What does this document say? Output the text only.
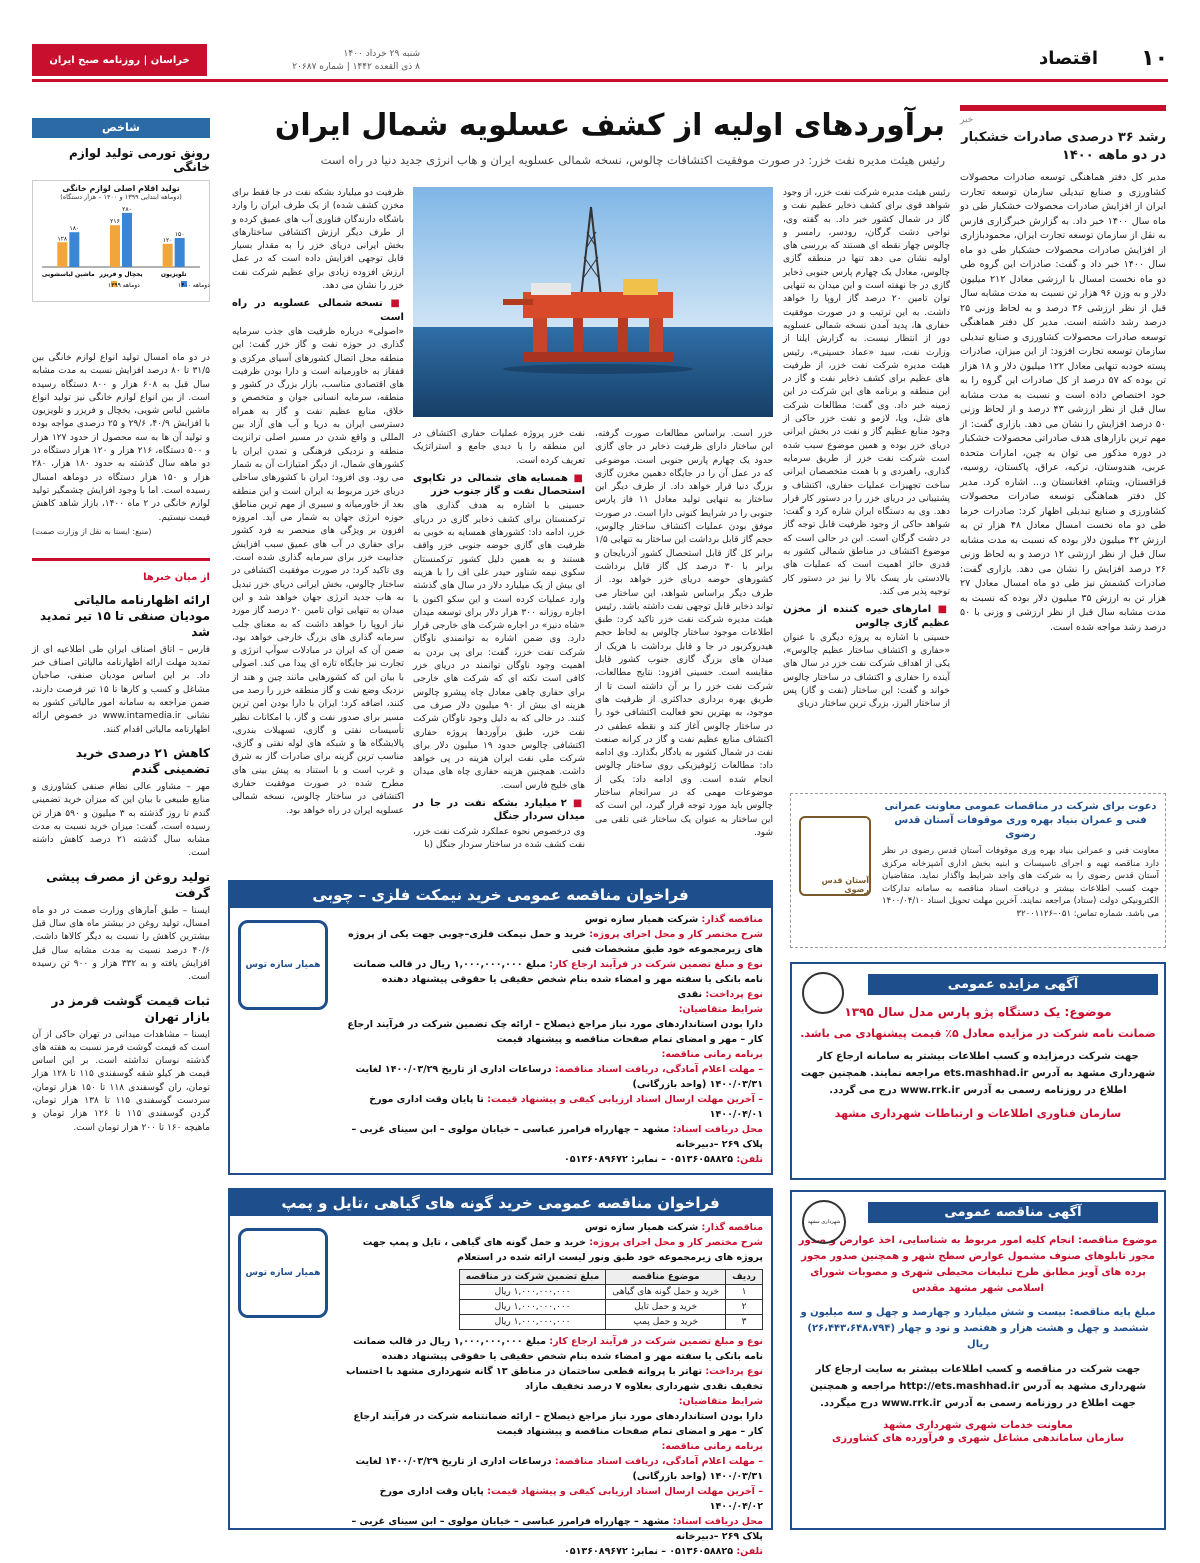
۱۰
اقتصاد
شنبه ۲۹ خرداد ۱۴۰۰
۸ ذی القعده ۱۴۴۲ | شماره ۲۰۶۸۷
خراسان | روزنامه صبح ایران
شاخص
رونق تورمی تولید لوازم خانگی
تولید اقلام اصلی لوازم خانگی
(دوماهه ابتدایی ۱۳۹۹ و ۱۴۰۰ – هزار دستگاه)
۱۲۸
۱۸۰
ماشین لباسشویی
۲۱۶
۲۸۰
یخچال و فریزر
۱۲۰
۱۵۰
تلویزیون
دوماهه ۱۴۰۰
دوماهه ۱۳۹۹
در دو ماه امسال تولید انواع لوازم خانگی بین ۳۱/۵ تا ۸۰ درصد افزایش نسبت به مدت مشابه سال قبل به ۶۰۸ هزار و ۸۰۰ دستگاه رسیده است. از بین انواع لوازم خانگی نیز تولید انواع ماشین لباس شویی، یخچال و فریزر و تلویزیون با افزایش ۴۰/۹، ۲۹/۶ و ۲۵ درصدی مواجه بوده و تولید آن ها به سه محصول از حدود ۱۲۷ هزار و ۵۰۰ دستگاه، ۲۱۶ هزار و ۱۲۰ هزار دستگاه در دو ماهه سال گذشته به حدود ۱۸۰ هزار، ۲۸۰ هزار و ۱۵۰ هزار دستگاه در دوماهه امسال رسیده است. اما با وجود افزایش چشمگیر تولید لوازم خانگی در ۲ ماه ۱۴۰۰، بازار شاهد کاهش قیمت نیستیم.
(منبع: ایسنا به نقل از وزارت صمت)
از میان خبرها
ارائه اظهارنامه مالیاتی مودیان صنفی تا ۱۵ تیر تمدید شد
فارس – اتاق اصناف ایران طی اطلاعیه ای از تمدید مهلت ارائه اظهارنامه مالیاتی اصناف خبر داد. بر این اساس مودیان صنفی، صاحبان مشاغل و کسب و کارها تا ۱۵ تیر فرصت دارند، ضمن مراجعه به سامانه امور مالیاتی کشور به نشانی www.intamedia.ir در خصوص ارائه اظهارنامه مالیاتی اقدام کنند.
کاهش ۲۱ درصدی خرید تضمینی گندم
مهر – مشاور عالی نظام صنفی کشاورزی و منابع طبیعی با بیان این که میزان خرید تضمینی گندم تا روز گذشته به ۳ میلیون و ۵۹۰ هزار تن رسیده است، گفت: میزان خرید نسبت به مدت مشابه سال گذشته ۲۱ درصد کاهش داشته است.
تولید روغن از مصرف پیشی گرفت
ایسنا – طبق آمارهای وزارت صمت در دو ماه امسال، تولید روغن در بیشتر ماه های سال قبل بیشترین کاهش را نسبت به دیگر کالاها داشت. ۴۰/۶ درصد نسبت به مدت مشابه سال قبل افزایش یافته و به ۳۳۲ هزار و ۹۰۰ تن رسیده است.
ثبات قیمت گوشت قرمز در بازار تهران
ایسنا – مشاهدات میدانی در تهران حاکی از آن است که قیمت گوشت قرمز نسبت به هفته های گذشته نوسان نداشته است. بر این اساس قیمت هر کیلو شقه گوسفندی ۱۱۵ تا ۱۲۸ هزار تومان، ران گوسفندی ۱۱۸ تا ۱۵۰ هزار تومان، سردست گوسفندی ۱۱۵ تا ۱۳۸ هزار تومان، گردن گوسفندی ۱۱۵ تا ۱۲۶ هزار تومان و ماهیچه ۱۶۰ تا ۲۰۰ هزار تومان است.
خبر
رشد ۳۶ درصدی صادرات خشکبار در دو ماهه ۱۴۰۰
مدیر کل دفتر هماهنگی توسعه صادرات محصولات کشاورزی و صنایع تبدیلی سازمان توسعه تجارت ایران از افزایش صادرات محصولات خشکبار طی دو ماه سال ۱۴۰۰ خبر داد. به گزارش خبرگزاری فارس به نقل از سازمان توسعه تجارت ایران، محمودبازاری از افزایش صادرات محصولات خشکبار طی دو ماه سال ۱۴۰۰ خبر داد و گفت: صادرات این گروه طی دو ماه نخست امسال با ارزشی معادل ۲۱۲ میلیون دلار و به وزن ۹۶ هزار تن نسبت به مدت مشابه سال قبل از نظر ارزشی ۳۶ درصد و به لحاظ وزنی ۲۵ درصد رشد داشته است. مدیر کل دفتر هماهنگی توسعه صادرات محصولات کشاورزی و صنایع تبدیلی سازمان توسعه تجارت افزود: از این میزان، صادرات پسته خودبه تنهایی معادل ۱۲۲ میلیون دلار و ۱۸ هزار تن بوده که ۵۷ درصد از کل صادرات این گروه را به خود اختصاص داده است و نسبت به مدت مشابه سال قبل از نظر ارزشی ۴۳ درصد و از لحاظ وزنی ۵۰ درصد افزایش را نشان می دهد. بازاری گفت: از مهم ترین بازارهای هدف صادراتی محصولات خشکبار در دوره مذکور می توان به چین، امارات متحده عربی، هندوستان، ترکیه، عراق، پاکستان، روسیه، قزاقستان، ویتنام، افغانستان و... اشاره کرد. مدیر کل دفتر هماهنگی توسعه صادرات محصولات کشاورزی و صنایع تبدیلی اظهار کرد: صادرات خرما طی دو ماه نخست امسال معادل ۴۸ هزار تن به ارزش ۴۲ میلیون دلار بوده که نسبت به مدت مشابه سال قبل از نظر ارزشی ۱۲ درصد و به لحاظ وزنی ۲۶ درصد افزایش را نشان می دهد. بازاری گفت: صادرات کشمش نیز طی دو ماه امسال معادل ۲۷ هزار تن به ارزش ۳۵ میلیون دلار بوده که نسبت به مدت مشابه سال قبل از نظر ارزشی و وزنی با ۵۰ درصد رشد مواجه شده است.
برآوردهای اولیه از کشف عسلویه شمال ایران
رئیس هیئت مدیره نفت خزر: در صورت موفقیت اکتشافات چالوس، نسخه شمالی عسلویه ایران و هاب انرژی جدید دنیا در راه است

رئیس هیئت مدیره شرکت نفت خزر، از وجود شواهد قوی برای کشف ذخایر عظیم نفت و گاز در شمال کشور خبر داد. به گفته وی، نواحی دشت گرگان، رودسر، رامسر و چالوس چهار نقطه ای هستند که بررسی های اولیه نشان می دهد تنها در منطقه گازی چالوس، معادل یک چهارم پارس جنوبی ذخایر گازی در جا نهفته است و این میدان به تنهایی توان تامین ۲۰ درصد گاز اروپا را خواهد داشت. به این ترتیب و در صورت موفقیت حفاری ها، پدید آمدن نسخه شمالی عسلویه دور از انتظار نیست. به گزارش ایلنا از وزارت نفت، سید «عماد حسینی»، رئیس هیئت مدیره شرکت نفت خزر، از ظرفیت های عظیم برای کشف ذخایر نفت و گاز در این منطقه و برنامه های این شرکت در این زمینه خبر داد. وی گفت: مطالعات شرکت های شل، وپا، لازمو و نفت خزر حاکی از وجود منابع عظیم گاز و نفت در بخش ایرانی دریای خزر بوده و همین موضوع سبب شده است شرکت نفت خزر از طریق سرمایه گذاری، راهبردی و با همت متخصصان ایرانی ساخت تجهیزات عملیات حفاری، اکتشاف و پشتیبانی در دریای خزر را در دستور کار قرار دهد. وی به دستگاه ایران شاره کرد و گفت: شواهد حاکی از وجود ظرفیت قابل توجه گاز در دشت گرگان است. این در حالی است که موضوع اکتشاف در مناطق شمالی کشور به قدری حائز اهمیت است که عملیات های بالادستی بار یسک بالا را نیز در دستور کار توجیه پذیر می کند.

■ امارهای خیره کننده از مخزن عظیم گازی چالوس

حسینی با اشاره به پروژه دیگری با عنوان «حفاری و اکتشاف ساختار عظیم چالوس»، یکی از اهداف شرکت نفت خزر در سال های آینده را حفاری و اکتشاف در ساختار چالوس خواند و گفت: این ساختار (نفت و گاز) پس از ساختار البرز، بزرگ ترین ساختار دریای

خزر است. براساس مطالعات صورت گرفته، این ساختار دارای ظرفیت ذخایر در جای گازی حدود یک چهارم پارس جنوبی است. موضوعی که در عمل آن را در جایگاه دهمین مخزن گازی بزرگ دنیا قرار خواهد داد. از طرف دیگر این ساختار به تنهایی تولید معادل ۱۱ فاز پارس جنوبی را در شرایط کنونی دارا است. در صورت موفق بودن عملیات اکتشاف ساختار چالوس، حجم گاز قابل برداشت این ساختار به تنهایی ۱/۵ برابر کل گاز قابل استحصال کشور آذربایجان و برابر با ۳۰ درصد کل گاز قابل برداشت کشورهای حوضه دریای خزر خواهد بود. از طرف دیگر براساس شواهد، این ساختار می تواند ذخایر قابل توجهی نفت داشته باشد. رئیس هیئت مدیره شرکت نفت خزر تاکید کرد: طبق اطلاعات موجود ساختار چالوس به لحاظ حجم هیدروکربور در جا و قابل برداشت با هریک از میدان های بزرگ گازی جنوب کشور قابل مقایسه است. حسینی افزود: نتایج مطالعات، شرکت نفت خزر را بر آن داشته است تا از طریق بهره برداری حداکثری از ظرفیت های موجود، به بهترین نحو فعالیت اکتشافی خود را در ساختار چالوس آغاز کند و نقطه عطفی در اکتشاف منابع عظیم نفت و گاز در کرانه صنعت نفت در شمال کشور به یادگار بگذارد. وی ادامه داد: مطالعات ژئوفیزیکی روی ساختار چالوس انجام شده است. وی ادامه داد: یکی از موضوعات مهمی که در سرانجام ساختار چالوس باید مورد توجه قرار گیرد، این است که این ساختار به عنوان یک ساختار غنی تلقی می شود.

نفت خزر پروژه عملیات حفاری اکتشاف در این منطقه را با دیدی جامع و استراتژیک تعریف کرده است.

■ همسایه های شمالی در تکاپوی استحصال نفت و گاز جنوب خزر

حسینی با اشاره به هدف گذاری های ترکمنستان برای کشف ذخایر گازی در دریای خزر، ادامه داد: کشورهای همسایه به خوبی به ظرفیت های گازی حوضه جنوبی خزر واقف هستند و به همین دلیل کشور ترکمنستان سکوی نیمه شناور حیدر علی اف را با هزینه ای بیش از یک میلیارد دلار در سال های گذشته وارد عملیات کرده است و این سکو اکنون با اجاره روزانه ۳۰۰ هزار دلار برای توسعه میدان «شاه دنیز» در اجاره شرکت های خارجی قرار دارد. وی ضمن اشاره به توانمندی ناوگان شرکت نفت خزر، گفت: برای پی بردن به اهمیت وجود ناوگان توانمند در دریای خزر کافی است نکته ای که شرکت های خارجی برای حفاری چاهی معادل چاه پیشرو چالوس هزینه ای بیش از ۹۰ میلیون دلار صرف می کنند. در حالی که به دلیل وجود ناوگان شرکت نفت خزر، طبق برآوردها پروژه حفاری اکتشافی چالوس حدود ۱۹ میلیون دلار برای شرکت ملی نفت ایران هزینه در پی خواهد داشت. همچنین هزینه حفاری چاه های میدان های خلیج فارس است.

■ ۲ میلیارد بشکه نفت در جا در میدان سردار جنگل

وی درخصوص نحوه عملکرد شرکت نفت خزر، نفت کشف شده در ساختار سردار جنگل (با

ظرفیت دو میلیارد بشکه نفت در جا فقط برای مخزن کشف شده) از یک طرف ایران را وارد باشگاه دارندگان فناوری آب های عمیق کرده و از طرف دیگر ارزش اکتشافی ساختارهای بخش ایرانی دریای خزر را به مقدار بسیار قابل توجهی افزایش داده است که در عمل ارزش افزوده زیادی برای عظیم شرکت نفت خزر را نشان می دهد.

■ نسخه شمالی عسلویه در راه است

«اصولی» درباره ظرفیت های جذب سرمایه گذاری در حوزه نفت و گاز خزر گفت: این منطقه محل اتصال کشورهای آسیای مرکزی و قفقاز به خاورمیانه است و دارا بودن ظرفیت های اقتصادی مناسب، بازار بزرگ در کشور و منطقه، سرمایه انسانی جوان و متخصص و خلاق، منابع عظیم نفت و گاز به همراه دسترسی ایران به دریا و آب های آزاد بین المللی و واقع شدن در مسیر اصلی ترانزیت منطقه و نزدیکی فرهنگی و تمدن ایران با کشورهای شمال، از دیگر امتیازات آن به شمار می رود. وی افزود: ایران با کشورهای ساحلی دریای خزر مربوط به ایران است و این منطقه بعد از خاورمیانه و سیبری از مهم ترین مناطق حوزه انرژی جهان به شمار می آید. امروزه افزون بر ویژگی های منحصر به فرد کشور برای حفاری در آب های عمیق سبب افزایش جذابیت خزر برای سرمایه گذاری شده است. وی تاکید کرد: در صورت موفقیت اکتشافی در ساختار چالوس، بخش ایرانی دریای خزر تبدیل به هاب جدید انرژی جهان خواهد شد و این میدان به تنهایی توان تامین ۲۰ درصد گاز مورد نیاز اروپا را خواهد داشت که به معنای جلب سرمایه گذاری های بزرگ خارجی خواهد بود، ضمن آن که ایران در مبادلات سوآپ انرژی و تجارت نیز جایگاه تازه ای پیدا می کند. اصولی با بیان این که کشورهایی مانند چین و هند از نزدیک وضع نفت و گاز منطقه خزر را رصد می کنند، اضافه کرد: ایران با دارا بودن امن ترین مسیر برای صدور نفت و گاز، با امکانات نظیر تأسیسات نفتی و گازی، تسهیلات بندری، پالایشگاه ها و شبکه های لوله نفتی و گازی، مناسب ترین گزینه برای صادرات گاز به شرق و غرب است و با استناد به پیش بینی های مطرح شده در صورت موفقیت حفاری اکتشافی در ساختار چالوس، نسخه شمالی عسلویه ایران در راه خواهد بود.

آستان قدس رضوی
دعوت برای شرکت در مناقصات عمومی معاونت عمرانی فنی و عمران بنیاد بهره وری موقوفات آستان قدس رضوی
معاونت فنی و عمرانی بنیاد بهره وری موقوفات آستان قدس رضوی در نظر دارد مناقصه تهیه و اجرای تاسیسات و ابنیه بخش اداری آشپزخانه مرکزی آستان قدس رضوی را به شرکت های واجد شرایط واگذار نماید. متقاضیان جهت کسب اطلاعات بیشتر و دریافت اسناد مناقصه به سامانه تدارکات الکترونیکی دولت (ستاد) مراجعه نمایند. آخرین مهلت تحویل اسناد ۱۴۰۰/۰۴/۱۰ می باشد. شماره تماس: ۰۵۱–۳۲۰۰۱۱۲۶
آگهی مزایده عمومی
موضوع: یک دستگاه پژو پارس مدل سال ۱۳۹۵
ضمانت نامه شرکت در مزایده معادل ۵٪ قیمت پیشنهادی می باشد.
جهت شرکت درمزایده و کسب اطلاعات بیشتر به سامانه ارجاع کار شهرداری مشهد به آدرس ets.mashhad.ir مراجعه نمایند. همچنین جهت اطلاع در روزنامه رسمی به آدرس www.rrk.ir درج می گردد.
سازمان فناوری اطلاعات و ارتباطات شهرداری مشهد
شهرداری مشهد
آگهی مناقصه عمومی
موضوع مناقصه: انجام کلیه امور مربوط به شناسایی، اخذ عوارض و صدور مجوز تابلوهای صنوف مشمول عوارض سطح شهر و همچنین صدور مجوز پرده های آویز مطابق طرح تبلیغات محیطی شهری و مصوبات شورای اسلامی شهر مشهد مقدس
مبلغ پایه مناقصه: بیست و شش میلیارد و چهارصد و چهل و سه میلیون و ششصد و چهل و هشت هزار و هفتصد و نود و چهار (۲۶،۴۴۳،۶۴۸،۷۹۴) ریال
جهت شرکت در مناقصه و کسب اطلاعات بیشتر به سایت ارجاع کار شهرداری مشهد به آدرس http://ets.mashhad.ir مراجعه و همچنین جهت اطلاع در روزنامه رسمی به آدرس www.rrk.ir درج میگردد.
معاونت خدمات شهری شهرداری مشهد
سازمان ساماندهی مشاغل شهری و فرآورده های کشاورزی
فراخوان مناقصه عمومی خرید نیمکت فلزی – چوبی
همیار سازه توس
مناقصه گذار: شرکت همیار سازه توس
شرح مختصر کار و محل اجرای پروژه: خرید و حمل نیمکت فلزی–چوبی جهت یکی از پروژه های زیرمجموعه خود طبق مشخصات فنی
نوع و مبلغ تضمین شرکت در فرآیند ارجاع کار: مبلغ ۱,۰۰۰,۰۰۰,۰۰۰ ریال در قالب ضمانت نامه بانکی یا سفته مهر و امضاء شده بنام شخص حقیقی یا حقوقی پیشنهاد دهنده
نوع پرداخت: نقدی
شرایط متقاضیان:
دارا بودن استانداردهای مورد نیاز مراجع ذیصلاح – ارائه چک تضمین شرکت در فرآیند ارجاع کار – مهر و امضای تمام صفحات مناقصه و پیشنهاد قیمت
برنامه زمانی مناقصه:
– مهلت اعلام آمادگی، دریافت اسناد مناقصه: درساعات اداری از تاریخ ۱۴۰۰/۰۳/۲۹ لغایت ۱۴۰۰/۰۳/۳۱ (واحد بازرگانی)
– آخرین مهلت ارسال اسناد ارزیابی کیفی و پیشنهاد قیمت: تا پایان وقت اداری مورخ ۱۴۰۰/۰۴/۰۱
محل دریافت اسناد: مشهد – چهارراه فرامرز عباسی – خیابان مولوی – ابن سینای غربی – پلاک ۲۶۹ –دبیرخانه
تلفن: ۰۵۱۳۶۰۵۸۸۲۵ – نمابر: ۰۵۱۳۶۰۸۹۶۷۲
فراخوان مناقصه عمومی خرید گونه های گیاهی ،تایل و پمپ
همیار سازه توس
مناقصه گذار: شرکت همیار سازه توس
شرح مختصر کار و محل اجرای پروژه: خرید و حمل گونه های گیاهی ، تایل و پمپ جهت پروژه های زیرمجموعه خود طبق ونور لیست ارائه شده در استعلام
ردیف	موضوع مناقصه	مبلغ تضمین شرکت در مناقصه
۱	خرید و حمل گونه های گیاهی	۱,۰۰۰,۰۰۰,۰۰۰ ریال
۲	خرید و حمل تایل	۱,۰۰۰,۰۰۰,۰۰۰ ریال
۳	خرید و حمل پمپ	۱,۰۰۰,۰۰۰,۰۰۰ ریال
نوع و مبلغ تضمین شرکت در فرآیند ارجاع کار: مبلغ ۱,۰۰۰,۰۰۰,۰۰۰ ریال در قالب ضمانت نامه بانکی یا سفته مهر و امضاء شده بنام شخص حقیقی یا حقوقی پیشنهاد دهنده
نوع پرداخت: تهاتر با پروانه قطعی ساختمان در مناطق ۱۳ گانه شهرداری مشهد با احتساب تخفیف نقدی شهرداری بعلاوه ۷ درصد تخفیف مازاد
شرایط متقاضیان:
دارا بودن استانداردهای مورد نیاز مراجع ذیصلاح – ارائه ضمانتنامه شرکت در فرآیند ارجاع کار – مهر و امضای تمام صفحات مناقصه و پیشنهاد قیمت
برنامه زمانی مناقصه:
– مهلت اعلام آمادگی، دریافت اسناد مناقصه: درساعات اداری از تاریخ ۱۴۰۰/۰۳/۲۹ لغایت ۱۴۰۰/۰۳/۳۱ (واحد بازرگانی)
– آخرین مهلت ارسال اسناد ارزیابی کیفی و پیشنهاد قیمت: پایان وقت اداری مورخ ۱۴۰۰/۰۴/۰۲
محل دریافت اسناد: مشهد – چهارراه فرامرز عباسی – خیابان مولوی – ابن سینای غربی – پلاک ۲۶۹ –دبیرخانه
تلفن: ۰۵۱۳۶۰۵۸۸۲۵ – نمابر: ۰۵۱۳۶۰۸۹۶۷۲
